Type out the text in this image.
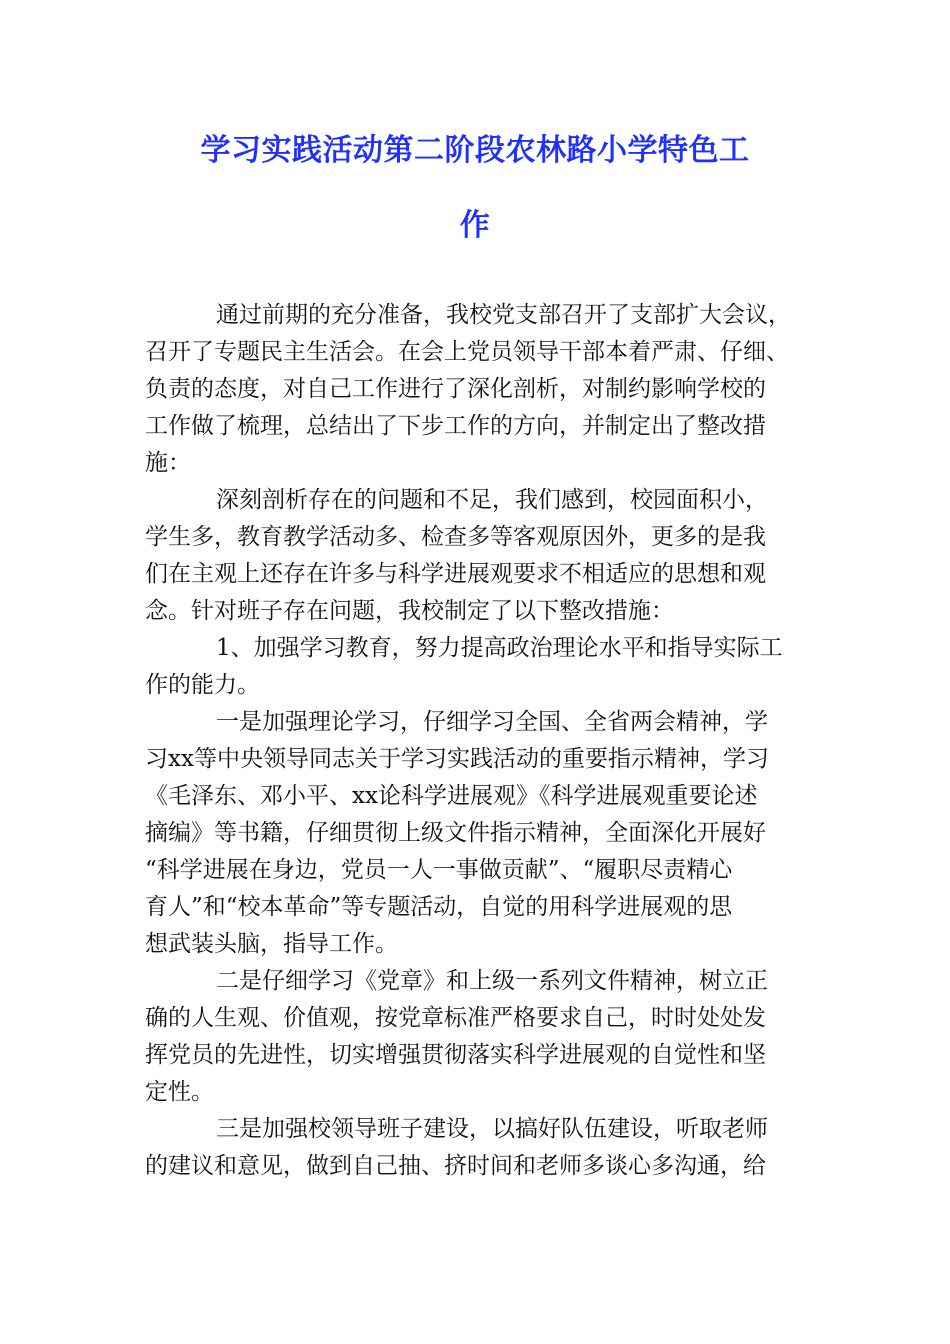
学习实践活动第二阶段农林路小学特色工
作
通过前期的充分准备，我校党支部召开了支部扩大会议，
召开了专题民主生活会。在会上党员领导干部本着严肃、仔细、
负责的态度，对自己工作进行了深化剖析，对制约影响学校的
工作做了梳理，总结出了下步工作的方向，并制定出了整改措
施：
深刻剖析存在的问题和不足，我们感到，校园面积小，
学生多，教育教学活动多、检查多等客观原因外，更多的是我
们在主观上还存在许多与科学进展观要求不相适应的思想和观
念。针对班子存在问题，我校制定了以下整改措施：
1、加强学习教育，努力提高政治理论水平和指导实际工
作的能力。
一是加强理论学习，仔细学习全国、全省两会精神，学
习xx等中央领导同志关于学习实践活动的重要指示精神，学习
《毛泽东、邓小平、xx论科学进展观》《科学进展观重要论述
摘编》等书籍，仔细贯彻上级文件指示精神，全面深化开展好
“科学进展在身边，党员一人一事做贡献”、“履职尽责精心
育人”和“校本革命”等专题活动，自觉的用科学进展观的思
想武装头脑，指导工作。
二是仔细学习《党章》和上级一系列文件精神，树立正
确的人生观、价值观，按党章标准严格要求自己，时时处处发
挥党员的先进性，切实增强贯彻落实科学进展观的自觉性和坚
定性。
三是加强校领导班子建设，以搞好队伍建设，听取老师
的建议和意见，做到自己抽、挤时间和老师多谈心多沟通，给
